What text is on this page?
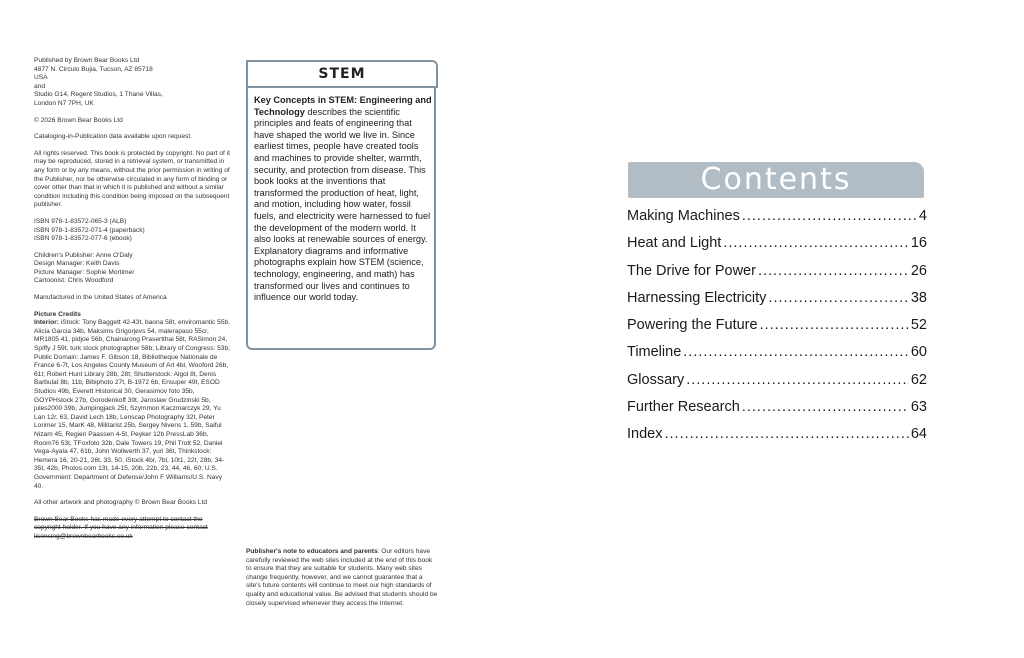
Published by Brown Bear Books Ltd
4877 N. Circulo Bujia, Tucson, AZ 85718
USA
and
Studio G14, Regent Studios, 1 Thane Villas,
London N7 7PH, UK

© 2026 Brown Bear Books Ltd

Cataloging-in-Publication data available upon request.

All rights reserved. This book is protected by copyright. No part of it may be reproduced, stored in a retrieval system, or transmitted in any form or by any means, without the prior permission in writing of the Publisher, nor be otherwise circulated in any form of binding or cover other than that in which it is published and without a similar condition including this condition being imposed on the subsequent publisher.

ISBN 978-1-83572-065-3 (ALB)
ISBN 978-1-83572-071-4 (paperback)
ISBN 978-1-83572-077-6 (ebook)

Children's Publisher: Anne O'Daly
Design Manager: Keith Davis
Picture Manager: Sophie Mortimer
Cartoonist: Chris Woodford

Manufactured in the United States of America

Picture Credits
Interior: iStock: Tony Baggett 42-43t, baona 58t, enviromantic 55b, Alicia Garcia 34b, Maksims Grigorjevs 54, malerapaso 55cr, MR1805 41, pidjoe 56b, Chainarong Prasertthai 58t, RASimon 24, Spiffy J 59t, turk stock photographer 58b; Library of Congress: 53b; Public Domain: James F. Gibson 18, Bibliotheque Nationale de France 6-7t, Los Angeles County Museum of Art 4bl, Wooford 26b, 61t; Robert Hunt Library 28b, 28t; Shutterstock: Algol 8t, Denis Barbulat 8b, 11b, Bibiphoto 27t, B-1972 6b, Ensuper 49t, ESOD Studios 49b, Everett Historical 30, Gerasimov foto 35b, GOYPHstock 27b, Gorodenkoff 39t, Jaroslaw Grudzinski 5b, jules2000 39b, Jumpingjack 25t, Szymmon Kaczmarczyk 29, Yu Lan 12r, 63, David Lech 18b, Lenscap Photography 32t, Peter Lorimer 15, MarK 48, Militarist 25b, Sergey Nivens 1, 59b, Saiful Nizam 45, Regien Paassen 4-5t, Peyker 12b PressLab 36b, Room76 53t, TFoxfoto 32b, Dale Towers 19, Phil Trott 52, Daniel Vega-Ayala 47, 61b, John Wollwerth 37, yuri 36t, Thinkstock: Hemera 16, 20-21, 26t, 33, 50, iStock 4br, 7bl, 10t1, 22t, 28b, 34-35t, 42b, Photos.com 13t, 14-15, 20b, 22b, 23, 44, 46, 60; U.S. Government: Department of Defense/John F Williams/U.S. Navy 40.

All other artwork and photography © Brown Bear Books Ltd

Brown Bear Books has made every attempt to contact the copyright holder. If you have any information please contact licensing@brownbearbooks.co.uk

STEM
Key Concepts in STEM: Engineering and Technology describes the scientific principles and feats of engineering that have shaped the world we live in. Since earliest times, people have created tools and machines to provide shelter, warmth, security, and protection from disease. This book looks at the inventions that transformed the production of heat, light, and motion, including how water, fossil fuels, and electricity were harnessed to fuel the development of the modern world. It also looks at renewable sources of energy. Explanatory diagrams and informative photographs explain how STEM (science, technology, engineering, and math) has transformed our lives and continues to influence our world today.
Publisher's note to educators and parents: Our editors have carefully reviewed the web sites included at the end of this book to ensure that they are suitable for students. Many web sites change frequently, however, and we cannot guarantee that a site's future contents will continue to meet our high standards of quality and educational value. Be advised that students should be closely supervised whenever they access the Internet.
Contents
Making Machines .....	4
Heat and Light .....	16
The Drive for Power .....	26
Harnessing Electricity .....	38
Powering the Future .....	52
Timeline .....	60
Glossary .....	62
Further Research .....	63
Index .....	64
